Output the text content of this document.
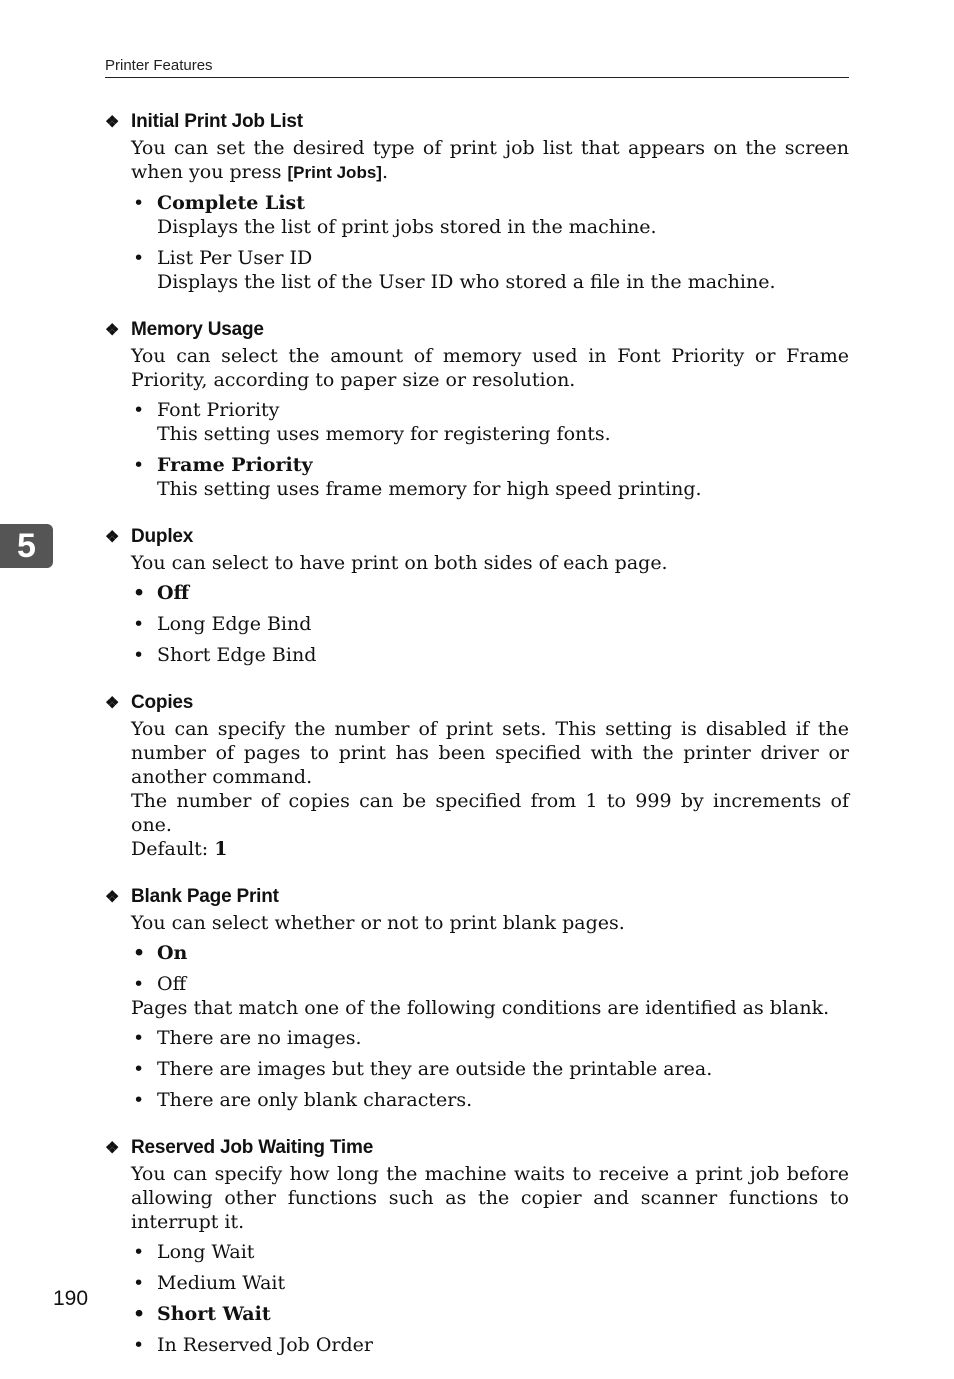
Printer Features
5
❖ Initial Print Job List
You can set the desired type of print job list that appears on the screen when you press [Print Jobs].
• Complete List
Displays the list of print jobs stored in the machine.
• List Per User ID
Displays the list of the User ID who stored a file in the machine.
❖ Memory Usage
You can select the amount of memory used in Font Priority or Frame Priority, according to paper size or resolution.
• Font Priority
This setting uses memory for registering fonts.
• Frame Priority
This setting uses frame memory for high speed printing.
❖ Duplex
You can select to have print on both sides of each page.
• Off
• Long Edge Bind
• Short Edge Bind
❖ Copies
You can specify the number of print sets. This setting is disabled if the number of pages to print has been specified with the printer driver or another command.
The number of copies can be specified from 1 to 999 by increments of one.
Default: 1
❖ Blank Page Print
You can select whether or not to print blank pages.
• On
• Off
Pages that match one of the following conditions are identified as blank.
• There are no images.
• There are images but they are outside the printable area.
• There are only blank characters.
❖ Reserved Job Waiting Time
You can specify how long the machine waits to receive a print job before allowing other functions such as the copier and scanner functions to interrupt it.
• Long Wait
• Medium Wait
• Short Wait
• In Reserved Job Order
190
